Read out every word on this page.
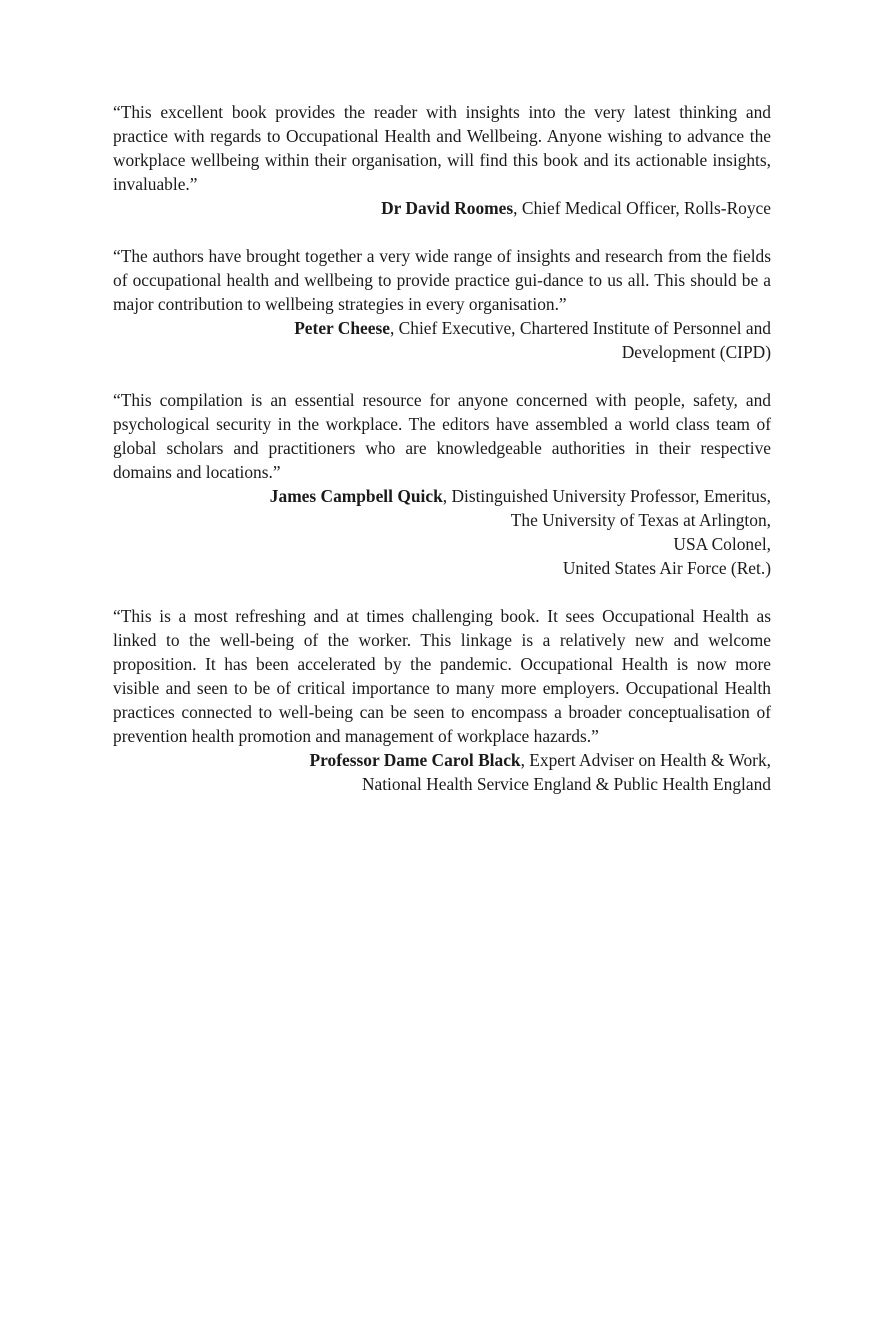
“This excellent book provides the reader with insights into the very latest thinking and practice with regards to Occupational Health and Wellbeing. Anyone wishing to advance the workplace wellbeing within their organisation, will find this book and its actionable insights, invaluable.”

Dr David Roomes, Chief Medical Officer, Rolls-Royce

“The authors have brought together a very wide range of insights and research from the fields of occupational health and wellbeing to provide practice gui-dance to us all. This should be a major contribution to wellbeing strategies in every organisation.”

Peter Cheese, Chief Executive, Chartered Institute of Personnel and
Development (CIPD)

“This compilation is an essential resource for anyone concerned with people, safety, and psychological security in the workplace. The editors have assembled a world class team of global scholars and practitioners who are knowledgeable authorities in their respective domains and locations.”

James Campbell Quick, Distinguished University Professor, Emeritus,
The University of Texas at Arlington,
USA Colonel,
United States Air Force (Ret.)

“This is a most refreshing and at times challenging book. It sees Occupational Health as linked to the well-being of the worker. This linkage is a relatively new and welcome proposition. It has been accelerated by the pandemic. Occupational Health is now more visible and seen to be of critical importance to many more employers. Occupational Health practices connected to well-being can be seen to encompass a broader conceptualisation of prevention health promotion and management of workplace hazards.”

Professor Dame Carol Black, Expert Adviser on Health & Work,
National Health Service England & Public Health England
